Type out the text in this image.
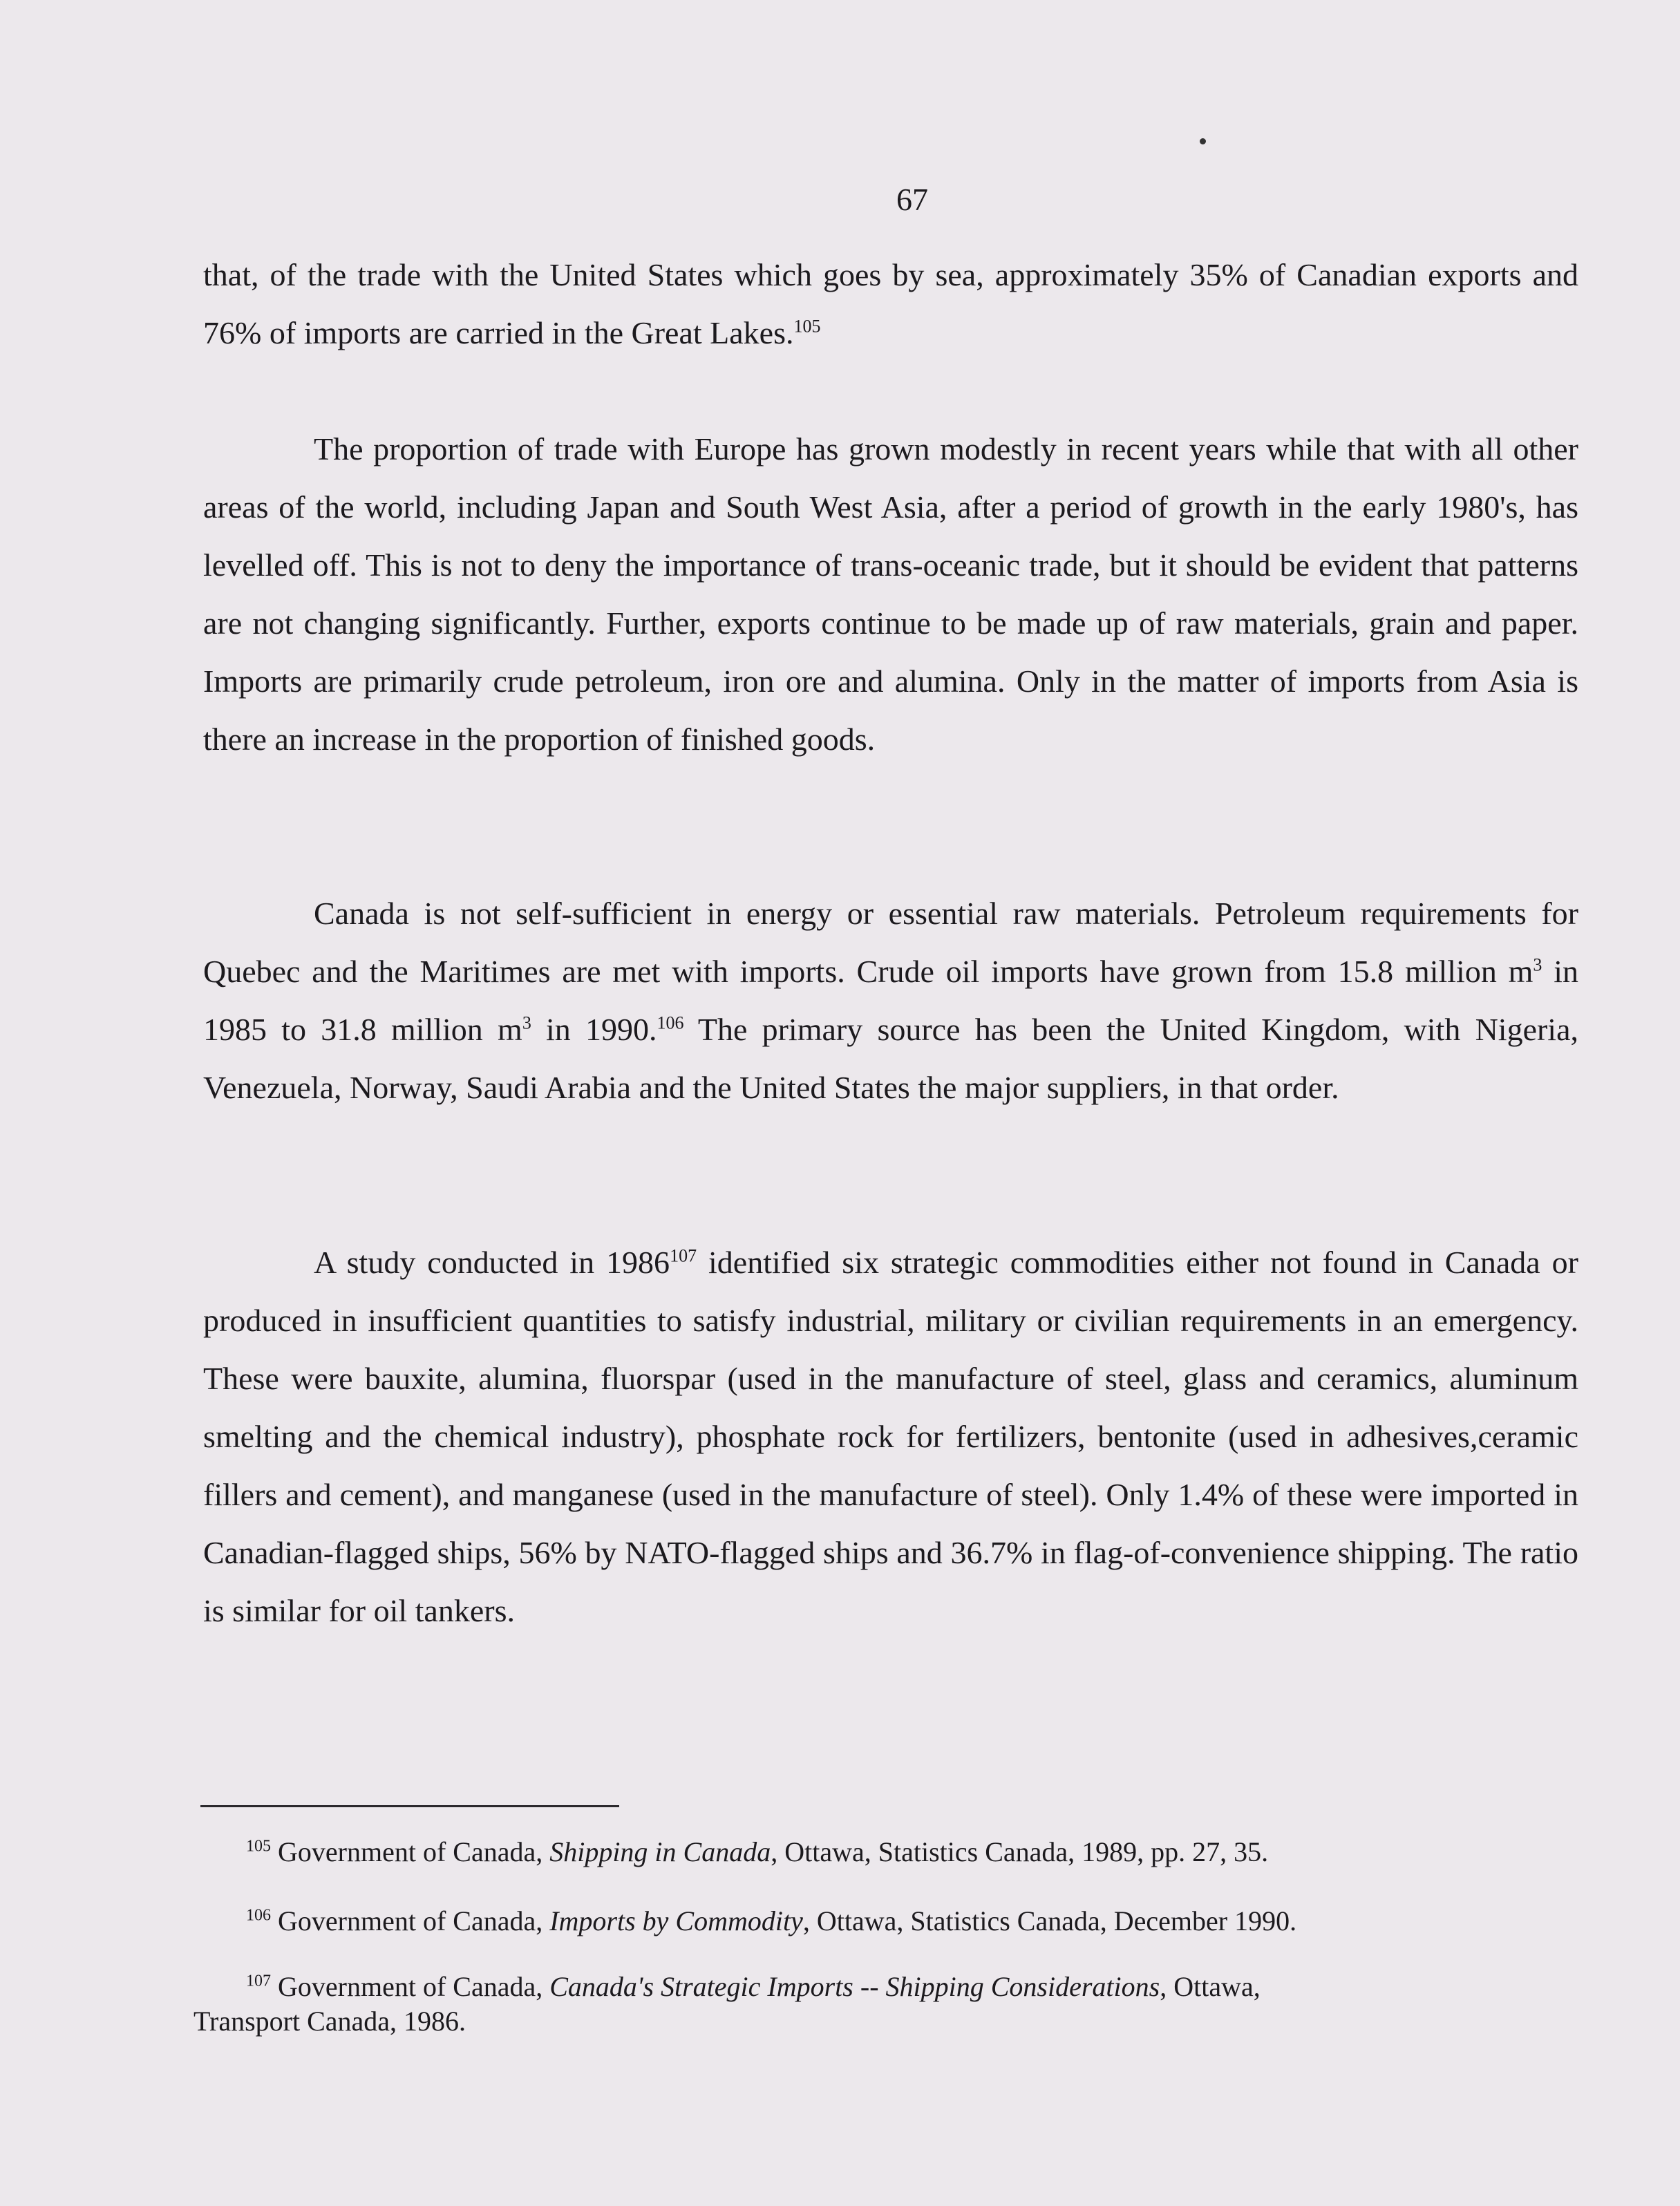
67

that, of the trade with the United States which goes by sea, approximately 35% of Canadian exports and 76% of imports are carried in the Great Lakes.$^{105}$

The proportion of trade with Europe has grown modestly in recent years while that with all other areas of the world, including Japan and South West Asia, after a period of growth in the early 1980's, has levelled off. This is not to deny the importance of trans-oceanic trade, but it should be evident that patterns are not changing significantly. Further, exports continue to be made up of raw materials, grain and paper. Imports are primarily crude petroleum, iron ore and alumina. Only in the matter of imports from Asia is there an increase in the proportion of finished goods.

Canada is not self-sufficient in energy or essential raw materials. Petroleum requirements for Quebec and the Maritimes are met with imports. Crude oil imports have grown from 15.8 million $m^3$ in 1985 to 31.8 million $m^3$ in 1990.$^{106}$ The primary source has been the United Kingdom, with Nigeria, Venezuela, Norway, Saudi Arabia and the United States the major suppliers, in that order.

A study conducted in 1986$^{107}$ identified six strategic commodities either not found in Canada or produced in insufficient quantities to satisfy industrial, military or civilian requirements in an emergency. These were bauxite, alumina, fluorspar (used in the manufacture of steel, glass and ceramics, aluminum smelting and the chemical industry), phosphate rock for fertilizers, bentonite (used in adhesives,ceramic fillers and cement), and manganese (used in the manufacture of steel). Only 1.4% of these were imported in Canadian-flagged ships, 56% by NATO-flagged ships and 36.7% in flag-of-convenience shipping. The ratio is similar for oil tankers.

$^{105}$ Government of Canada, Shipping in Canada, Ottawa, Statistics Canada, 1989, pp. 27, 35.
$^{106}$ Government of Canada, Imports by Commodity, Ottawa, Statistics Canada, December 1990.
$^{107}$ Government of Canada, Canada's Strategic Imports -- Shipping Considerations, Ottawa,
Transport Canada, 1986.
